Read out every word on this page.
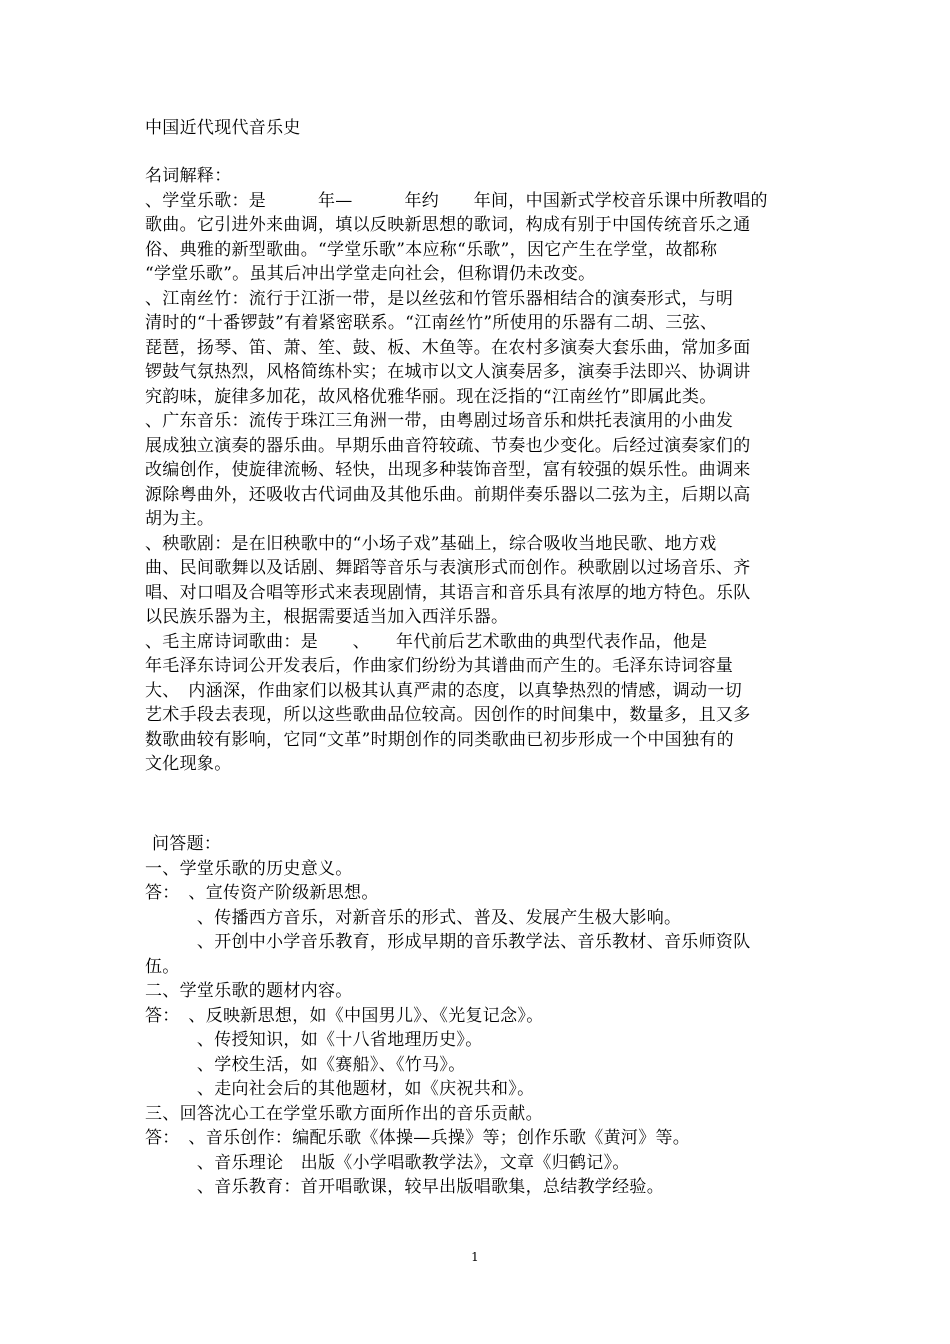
中国近代现代音乐史
名词解释：
、学堂乐歌：是　　　年—　　　年约　　年间，中国新式学校音乐课中所教唱的
歌曲。它引进外来曲调，填以反映新思想的歌词，构成有别于中国传统音乐之通
俗、典雅的新型歌曲。“学堂乐歌”本应称“乐歌”，因它产生在学堂，故都称
“学堂乐歌”。虽其后冲出学堂走向社会，但称谓仍未改变。
、江南丝竹：流行于江浙一带，是以丝弦和竹管乐器相结合的演奏形式，与明
清时的“十番锣鼓”有着紧密联系。“江南丝竹”所使用的乐器有二胡、三弦、
琵琶，扬琴、笛、萧、笙、鼓、板、木鱼等。在农村多演奏大套乐曲，常加多面
锣鼓气氛热烈，风格简练朴实；在城市以文人演奏居多，演奏手法即兴、协调讲
究韵味，旋律多加花，故风格优雅华丽。现在泛指的“江南丝竹”即属此类。
、广东音乐：流传于珠江三角洲一带，由粤剧过场音乐和烘托表演用的小曲发
展成独立演奏的器乐曲。早期乐曲音符较疏、节奏也少变化。后经过演奏家们的
改编创作，使旋律流畅、轻快，出现多种装饰音型，富有较强的娱乐性。曲调来
源除粤曲外，还吸收古代词曲及其他乐曲。前期伴奏乐器以二弦为主，后期以高
胡为主。
、秧歌剧：是在旧秧歌中的“小场子戏”基础上，综合吸收当地民歌、地方戏
曲、民间歌舞以及话剧、舞蹈等音乐与表演形式而创作。秧歌剧以过场音乐、齐
唱、对口唱及合唱等形式来表现剧情，其语言和音乐具有浓厚的地方特色。乐队
以民族乐器为主，根据需要适当加入西洋乐器。
、毛主席诗词歌曲：是　　、　　年代前后艺术歌曲的典型代表作品，他是
年毛泽东诗词公开发表后，作曲家们纷纷为其谱曲而产生的。毛泽东诗词容量
大、　内涵深，作曲家们以极其认真严肃的态度，以真挚热烈的情感，调动一切
艺术手段去表现，所以这些歌曲品位较高。因创作的时间集中，数量多，且又多
数歌曲较有影响，它同“文革”时期创作的同类歌曲已初步形成一个中国独有的
文化现象。
问答题：
一、学堂乐歌的历史意义。
答：　、宣传资产阶级新思想。
　　　、传播西方音乐，对新音乐的形式、普及、发展产生极大影响。
　　　、开创中小学音乐教育，形成早期的音乐教学法、音乐教材、音乐师资队
伍。
二、学堂乐歌的题材内容。
答：　、反映新思想，如《中国男儿》、《光复记念》。
　　　、传授知识，如《十八省地理历史》。
　　　、学校生活，如《赛船》、《竹马》。
　　　、走向社会后的其他题材，如《庆祝共和》。
三、回答沈心工在学堂乐歌方面所作出的音乐贡献。
答：　、音乐创作：编配乐歌《体操—兵操》等；创作乐歌《黄河》等。
　　　、音乐理论　出版《小学唱歌教学法》，文章《归鹤记》。
　　　、音乐教育：首开唱歌课，较早出版唱歌集，总结教学经验。
1
